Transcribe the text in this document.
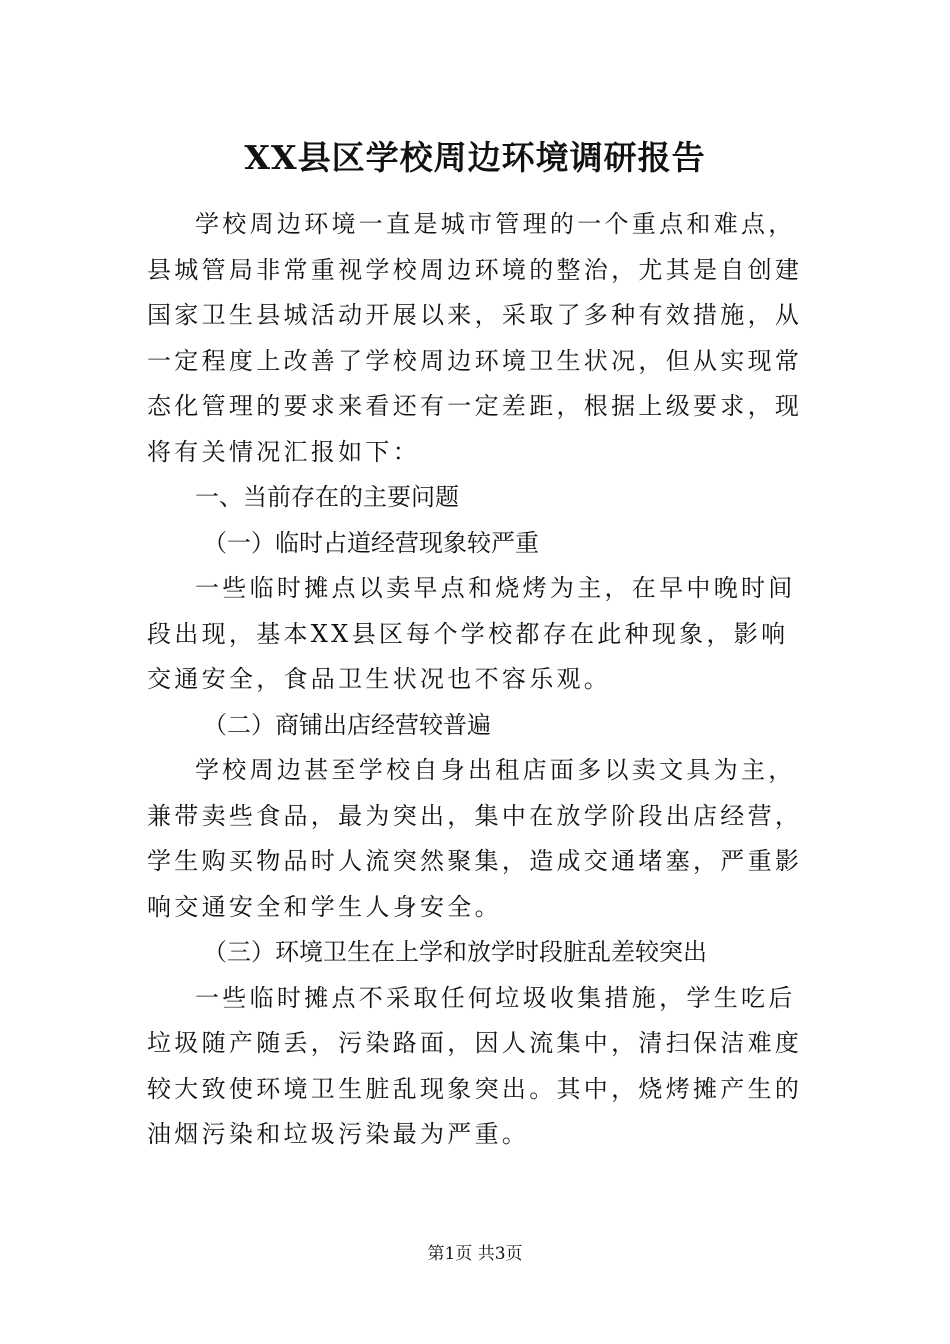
XX县区学校周边环境调研报告

学校周边环境一直是城市管理的一个重点和难点，县城管局非常重视学校周边环境的整治，尤其是自创建国家卫生县城活动开展以来，采取了多种有效措施，从一定程度上改善了学校周边环境卫生状况，但从实现常态化管理的要求来看还有一定差距，根据上级要求，现将有关情况汇报如下：

一、当前存在的主要问题

（一）临时占道经营现象较严重

一些临时摊点以卖早点和烧烤为主，在早中晚时间段出现，基本XX县区每个学校都存在此种现象，影响交通安全，食品卫生状况也不容乐观。

（二）商铺出店经营较普遍

学校周边甚至学校自身出租店面多以卖文具为主，兼带卖些食品，最为突出，集中在放学阶段出店经营，学生购买物品时人流突然聚集，造成交通堵塞，严重影响交通安全和学生人身安全。

（三）环境卫生在上学和放学时段脏乱差较突出

一些临时摊点不采取任何垃圾收集措施，学生吃后垃圾随产随丢，污染路面，因人流集中，清扫保洁难度较大致使环境卫生脏乱现象突出。其中，烧烤摊产生的油烟污染和垃圾污染最为严重。

第1页 共3页
